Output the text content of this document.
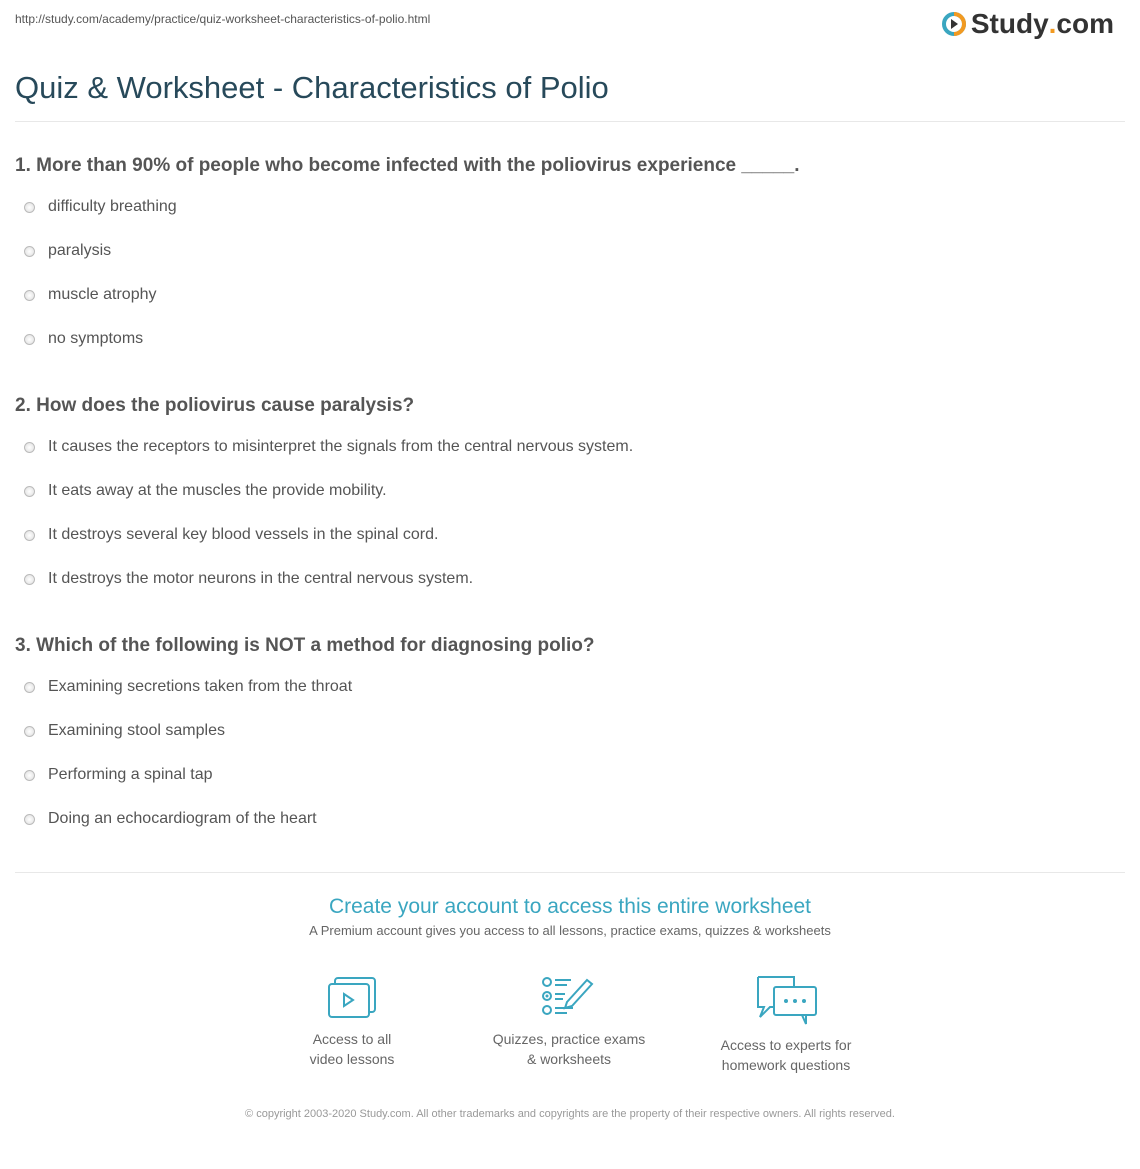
http://study.com/academy/practice/quiz-worksheet-characteristics-of-polio.html	Study . com
Quiz & Worksheet - Characteristics of Polio
1. More than 90% of people who become infected with the poliovirus experience _____.
difficulty breathing
paralysis
muscle atrophy
no symptoms
2. How does the poliovirus cause paralysis?
It causes the receptors to misinterpret the signals from the central nervous system.
It eats away at the muscles the provide mobility.
It destroys several key blood vessels in the spinal cord.
It destroys the motor neurons in the central nervous system.
3. Which of the following is NOT a method for diagnosing polio?
Examining secretions taken from the throat
Examining stool samples
Performing a spinal tap
Doing an echocardiogram of the heart
Create your account to access this entire worksheet
A Premium account gives you access to all lessons, practice exams, quizzes & worksheets
Access to all
video lessons
Quizzes, practice exams
& worksheets
Access to experts for
homework questions
© copyright 2003-2020 Study.com. All other trademarks and copyrights are the property of their respective owners. All rights reserved.
